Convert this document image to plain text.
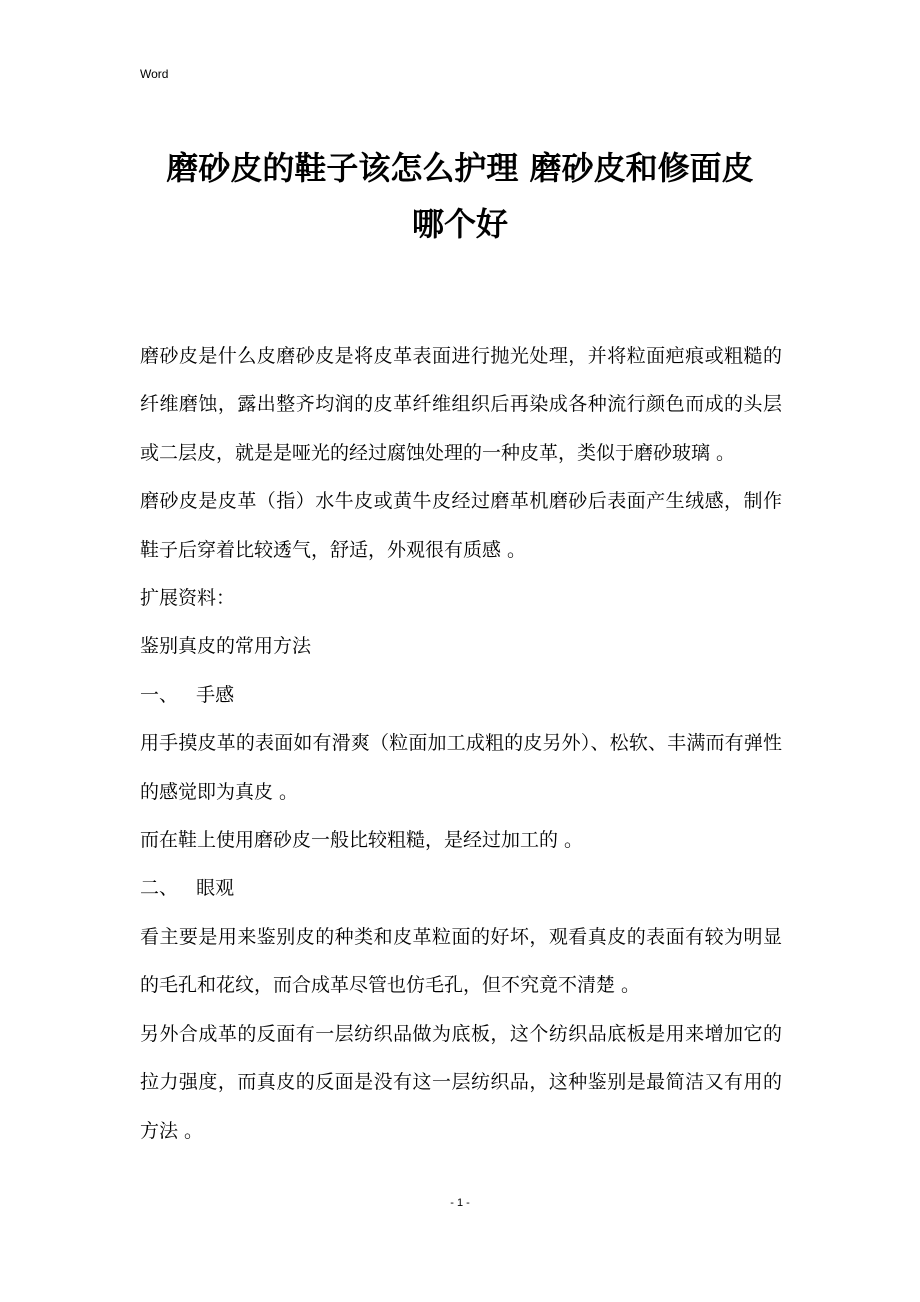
Word
磨砂皮的鞋子该怎么护理 磨砂皮和修面皮
哪个好

磨砂皮是什么皮磨砂皮是将皮革表面进行抛光处理，并将粒面疤痕或粗糙的纤维磨蚀，露出整齐均润的皮革纤维组织后再染成各种流行颜色而成的头层或二层皮，就是是哑光的经过腐蚀处理的一种皮革，类似于磨砂玻璃 。

磨砂皮是皮革（指）水牛皮或黄牛皮经过磨革机磨砂后表面产生绒感，制作鞋子后穿着比较透气，舒适，外观很有质感 。

扩展资料：

鉴别真皮的常用方法

一、   手感

用手摸皮革的表面如有滑爽（粒面加工成粗的皮另外）、松软、丰满而有弹性的感觉即为真皮 。

而在鞋上使用磨砂皮一般比较粗糙，是经过加工的 。

二、   眼观

看主要是用来鉴别皮的种类和皮革粒面的好坏，观看真皮的表面有较为明显的毛孔和花纹，而合成革尽管也仿毛孔，但不究竟不清楚 。

另外合成革的反面有一层纺织品做为底板，这个纺织品底板是用来增加它的拉力强度，而真皮的反面是没有这一层纺织品，这种鉴别是最简洁又有用的方法 。

- 1 -
